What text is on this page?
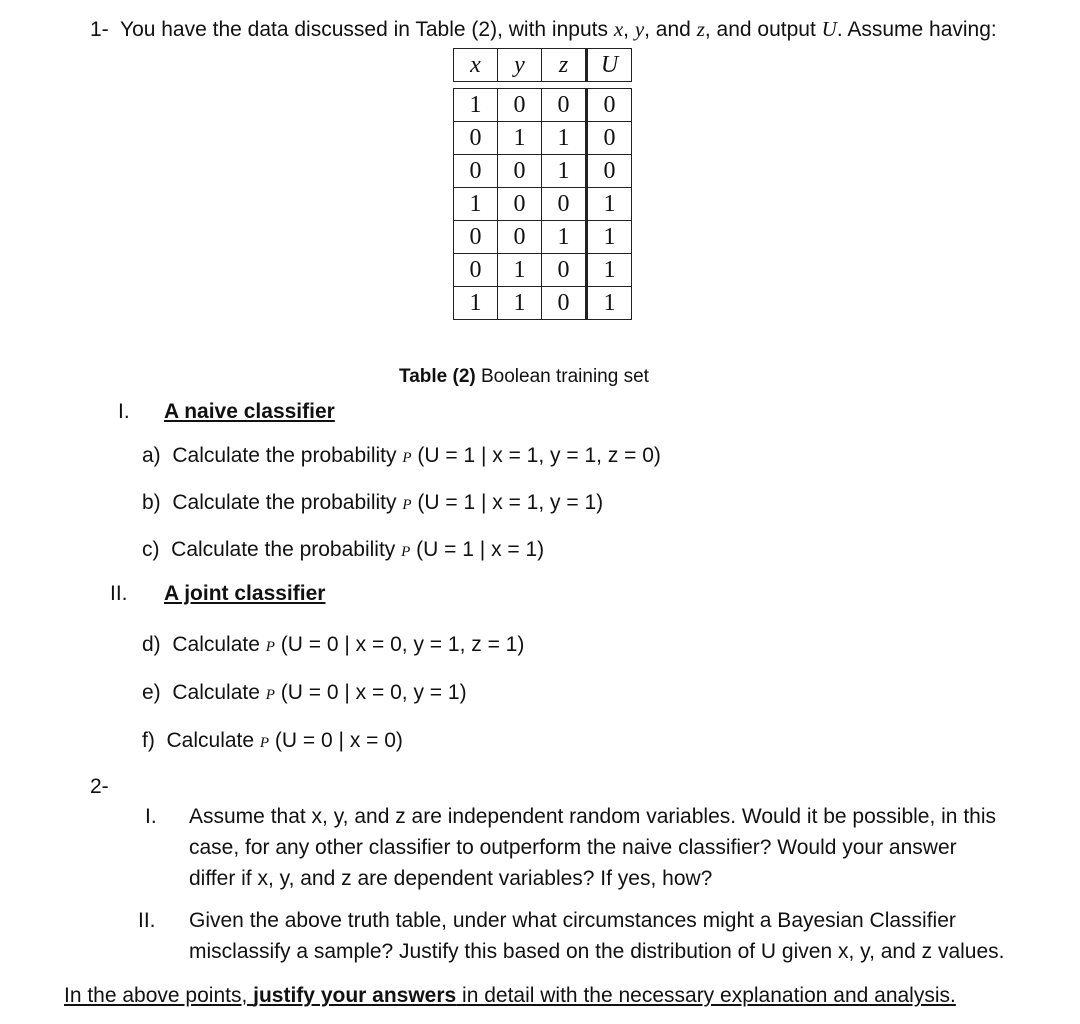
1- You have the data discussed in Table (2), with inputs x, y, and z, and output U. Assume having:
x	y	z	U

1	0	0	0
0	1	1	0
0	0	1	0
1	0	0	1
0	0	1	1
0	1	0	1
1	1	0	1
Table (2) Boolean training set
I. A naive classifier
a) Calculate the probability P (U = 1 | x = 1, y = 1, z = 0)
b) Calculate the probability P (U = 1 | x = 1, y = 1)
c) Calculate the probability P (U = 1 | x = 1)
II. A joint classifier
d) Calculate P (U = 0 | x = 0, y = 1, z = 1)
e) Calculate P (U = 0 | x = 0, y = 1)
f) Calculate P (U = 0 | x = 0)
2-
I. Assume that x, y, and z are independent random variables. Would it be possible, in this
case, for any other classifier to outperform the naive classifier? Would your answer
differ if x, y, and z are dependent variables? If yes, how?
II. Given the above truth table, under what circumstances might a Bayesian Classifier
misclassify a sample? Justify this based on the distribution of U given x, y, and z values.
In the above points, justify your answers in detail with the necessary explanation and analysis.
